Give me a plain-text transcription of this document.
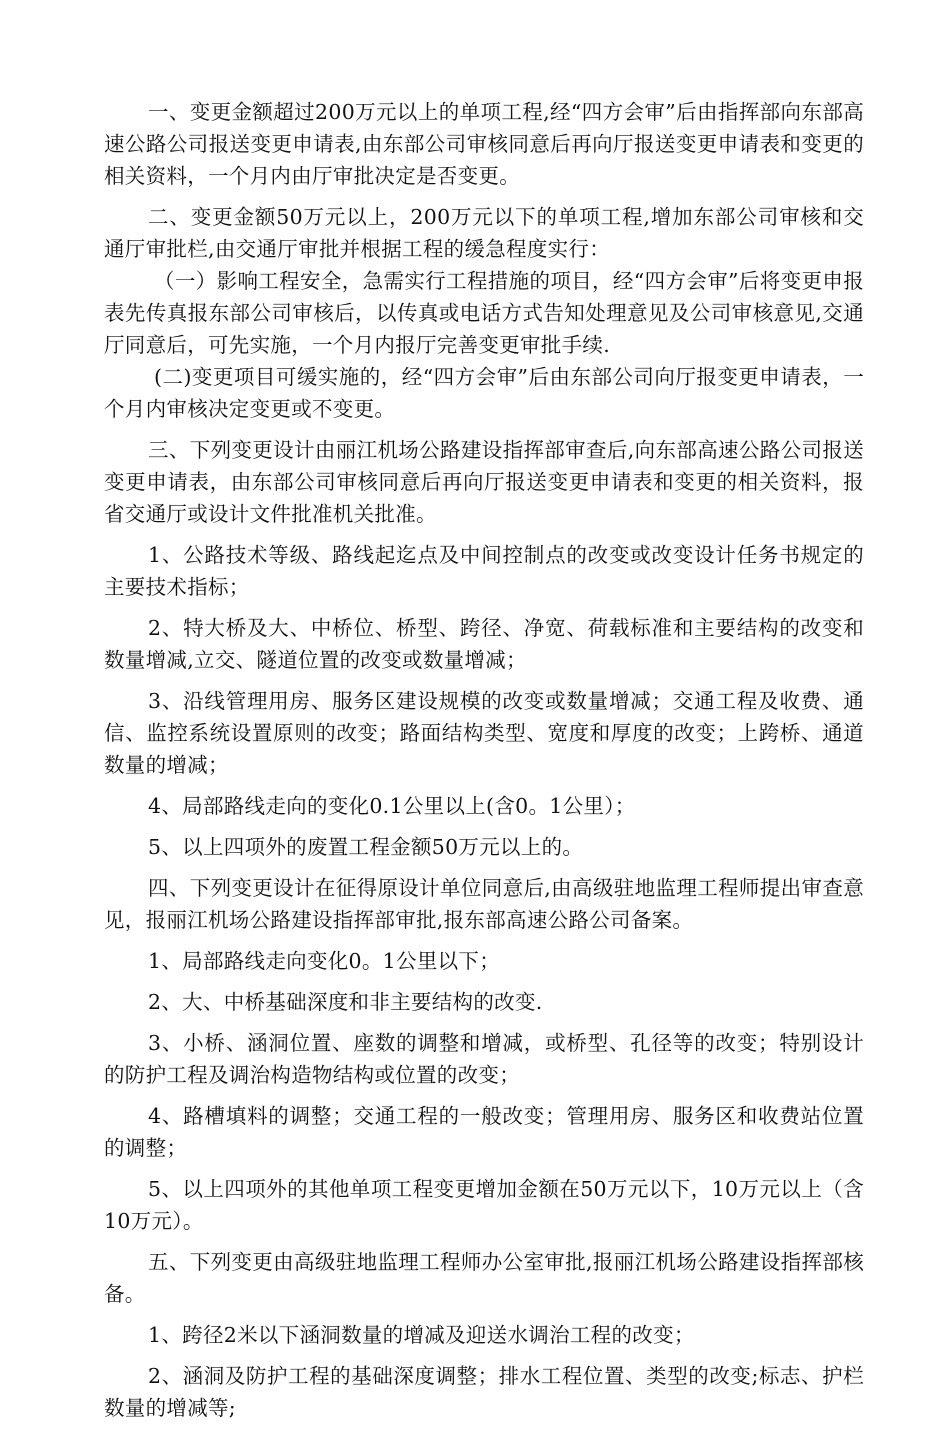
一、变更金额超过200万元以上的单项工程,经“四方会审”后由指挥部向东部高速公路公司报送变更申请表,由东部公司审核同意后再向厅报送变更申请表和变更的相关资料，一个月内由厅审批决定是否变更。

二、变更金额50万元以上，200万元以下的单项工程,增加东部公司审核和交通厅审批栏,由交通厅审批并根据工程的缓急程度实行：

（一）影响工程安全，急需实行工程措施的项目，经“四方会审”后将变更申报表先传真报东部公司审核后，以传真或电话方式告知处理意见及公司审核意见,交通厅同意后，可先实施，一个月内报厅完善变更审批手续.

(二)变更项目可缓实施的，经“四方会审”后由东部公司向厅报变更申请表，一个月内审核决定变更或不变更。

三、下列变更设计由丽江机场公路建设指挥部审查后,向东部高速公路公司报送变更申请表，由东部公司审核同意后再向厅报送变更申请表和变更的相关资料，报省交通厅或设计文件批准机关批准。

1、公路技术等级、路线起迄点及中间控制点的改变或改变设计任务书规定的主要技术指标；

2、特大桥及大、中桥位、桥型、跨径、净宽、荷载标准和主要结构的改变和数量增减,立交、隧道位置的改变或数量增减；

3、沿线管理用房、服务区建设规模的改变或数量增减；交通工程及收费、通信、监控系统设置原则的改变；路面结构类型、宽度和厚度的改变；上跨桥、通道数量的增减；

4、局部路线走向的变化0.1公里以上(含0。1公里）；

5、以上四项外的废置工程金额50万元以上的。

四、下列变更设计在征得原设计单位同意后,由高级驻地监理工程师提出审查意见，报丽江机场公路建设指挥部审批,报东部高速公路公司备案。

1、局部路线走向变化0。1公里以下；

2、大、中桥基础深度和非主要结构的改变.

3、小桥、涵洞位置、座数的调整和增减，或桥型、孔径等的改变；特别设计的防护工程及调治构造物结构或位置的改变；

4、路槽填料的调整；交通工程的一般改变；管理用房、服务区和收费站位置的调整；

5、以上四项外的其他单项工程变更增加金额在50万元以下，10万元以上（含10万元）。

五、下列变更由高级驻地监理工程师办公室审批,报丽江机场公路建设指挥部核备。

1、跨径2米以下涵洞数量的增减及迎送水调治工程的改变；

2、涵洞及防护工程的基础深度调整；排水工程位置、类型的改变;标志、护栏数量的增减等;
